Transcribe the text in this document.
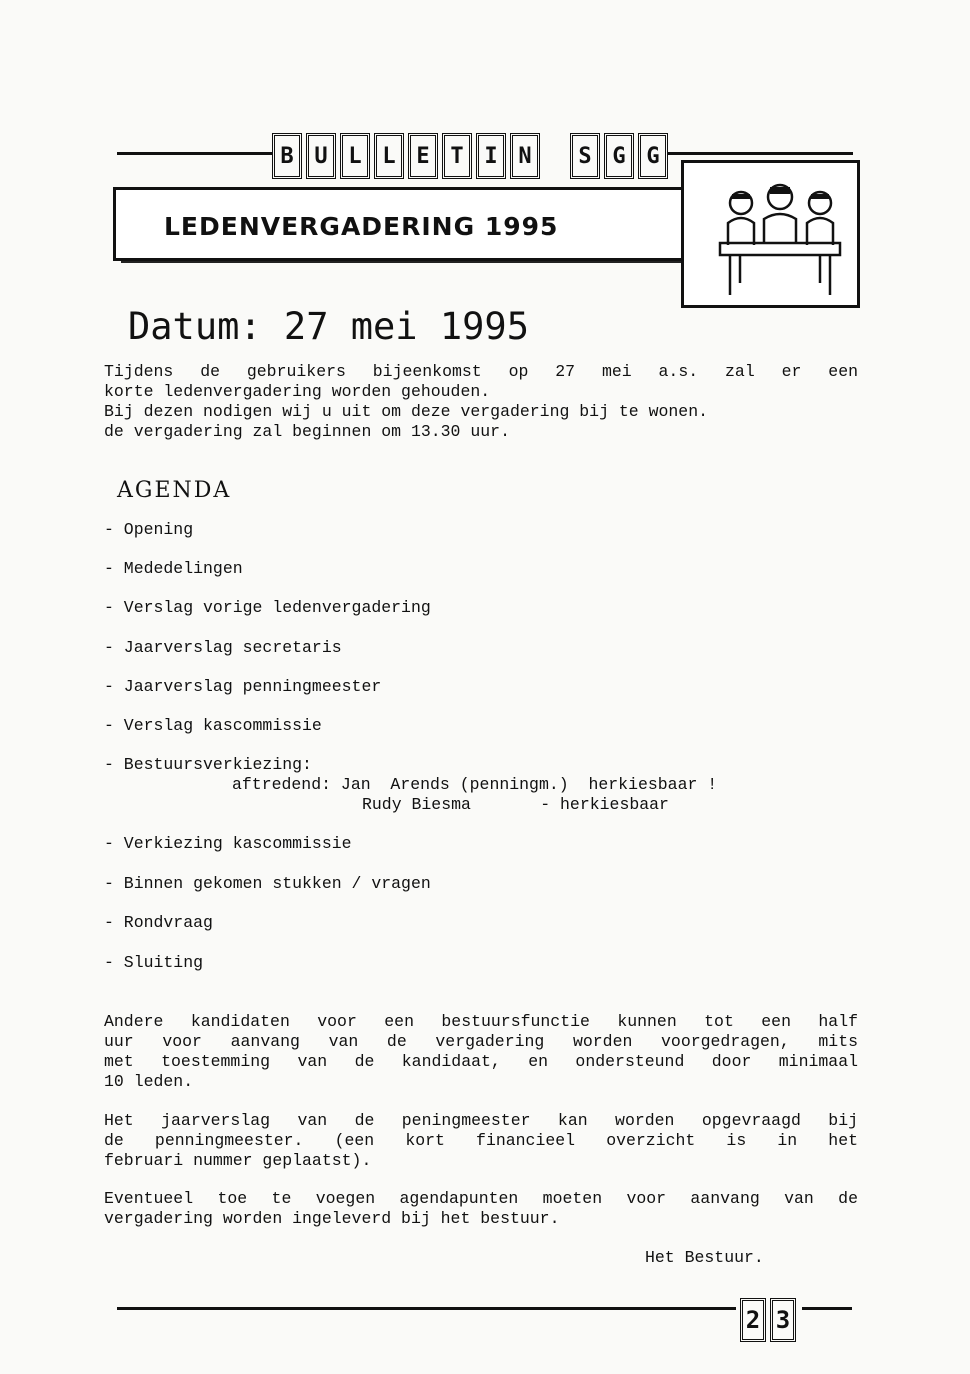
B U L L E T I N	S G G
LEDENVERGADERING 1995
Datum: 27 mei 1995
Tijdens de gebruikers bijeenkomst op 27 mei a.s. zal er een
korte ledenvergadering worden gehouden.
Bij dezen nodigen wij u uit om deze vergadering bij te wonen.
de vergadering zal beginnen om 13.30 uur.
AGENDA
- Opening
- Mededelingen
- Verslag vorige ledenvergadering
- Jaarverslag secretaris
- Jaarverslag penningmeester
- Verslag kascommissie
- Bestuursverkiezing:
aftredend: Jan  Arends (penningm.)  herkiesbaar !
Rudy Biesma       - herkiesbaar
- Verkiezing kascommissie
- Binnen gekomen stukken / vragen
- Rondvraag
- Sluiting
Andere kandidaten voor een bestuursfunctie kunnen tot een half
uur voor aanvang van de vergadering worden voorgedragen, mits
met toestemming van de kandidaat, en ondersteund door minimaal
10 leden.
Het jaarverslag van de peningmeester kan worden opgevraagd bij
de penningmeester. (een kort financieel overzicht is in het
februari nummer geplaatst).
Eventueel toe te voegen agendapunten moeten voor aanvang van de
vergadering worden ingeleverd bij het bestuur.
Het Bestuur.
2 3
